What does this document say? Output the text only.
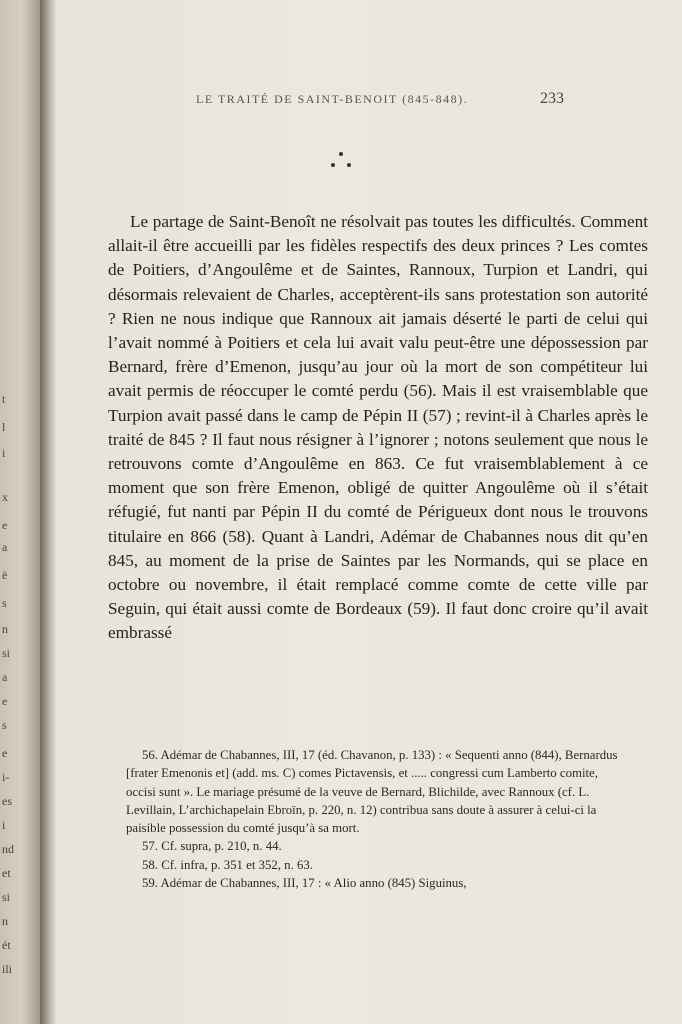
t
l
i
x
e
a
ë
s
n
si
a
e
s
e
i-
es
i
nd
et
si
n
ét
ili
LE TRAITÉ DE SAINT-BENOIT (845-848).	233

Le partage de Saint-Benoît ne résolvait pas toutes les difficultés. Comment allait-il être accueilli par les fidèles respectifs des deux princes ? Les comtes de Poitiers, d’Angoulême et de Saintes, Rannoux, Turpion et Landri, qui désormais relevaient de Charles, acceptèrent-ils sans protestation son autorité ? Rien ne nous indique que Rannoux ait jamais déserté le parti de celui qui l’avait nommé à Poitiers et cela lui avait valu peut-être une dépossession par Bernard, frère d’Emenon, jusqu’au jour où la mort de son compétiteur lui avait permis de réoccuper le comté perdu (56). Mais il est vraisemblable que Turpion avait passé dans le camp de Pépin II (57) ; revint-il à Charles après le traité de 845 ? Il faut nous résigner à l’ignorer ; notons seulement que nous le retrouvons comte d’Angoulême en 863. Ce fut vraisemblablement à ce moment que son frère Emenon, obligé de quitter Angoulême où il s’était réfugié, fut nanti par Pépin II du comté de Périgueux dont nous le trouvons titulaire en 866 (58). Quant à Landri, Adémar de Chabannes nous dit qu’en 845, au moment de la prise de Saintes par les Normands, qui se place en octobre ou novembre, il était remplacé comme comte de cette ville par Seguin, qui était aussi comte de Bordeaux (59). Il faut donc croire qu’il avait embrassé

56. Adémar de Chabannes, III, 17 (éd. Chavanon, p. 133) : « Sequenti anno (844), Bernardus [frater Emenonis et] (add. ms. C) comes Pictavensis, et ..... congressi cum Lamberto comite, occisi sunt ». Le mariage présumé de la veuve de Bernard, Blichilde, avec Rannoux (cf. L. Levillain, L’archichapelain Ebroïn, p. 220, n. 12) contribua sans doute à assurer à celui-ci la paisible possession du comté jusqu’à sa mort.

57. Cf. supra, p. 210, n. 44.

58. Cf. infra, p. 351 et 352, n. 63.

59. Adémar de Chabannes, III, 17 : « Alio anno (845) Siguinus,
